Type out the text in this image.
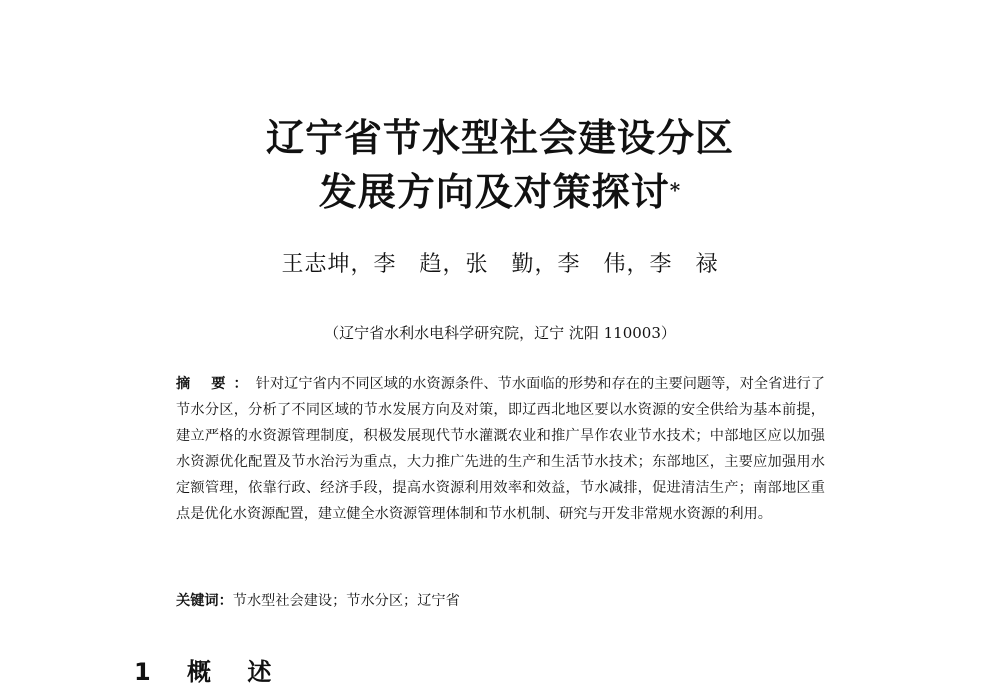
辽宁省节水型社会建设分区
发展方向及对策探讨*
王志坤，李　趋，张　勤，李　伟，李　禄
（辽宁省水利水电科学研究院，辽宁 沈阳 110003）
摘 要：针对辽宁省内不同区域的水资源条件、节水面临的形势和存在的主要问题等，对全省进行了节水分区，分析了不同区域的节水发展方向及对策，即辽西北地区要以水资源的安全供给为基本前提，建立严格的水资源管理制度，积极发展现代节水灌溉农业和推广旱作农业节水技术；中部地区应以加强水资源优化配置及节水治污为重点，大力推广先进的生产和生活节水技术；东部地区，主要应加强用水定额管理，依靠行政、经济手段，提高水资源利用效率和效益，节水减排，促进清洁生产；南部地区重点是优化水资源配置，建立健全水资源管理体制和节水机制、研究与开发非常规水资源的利用。
关键词：节水型社会建设；节水分区；辽宁省
1 概 述
